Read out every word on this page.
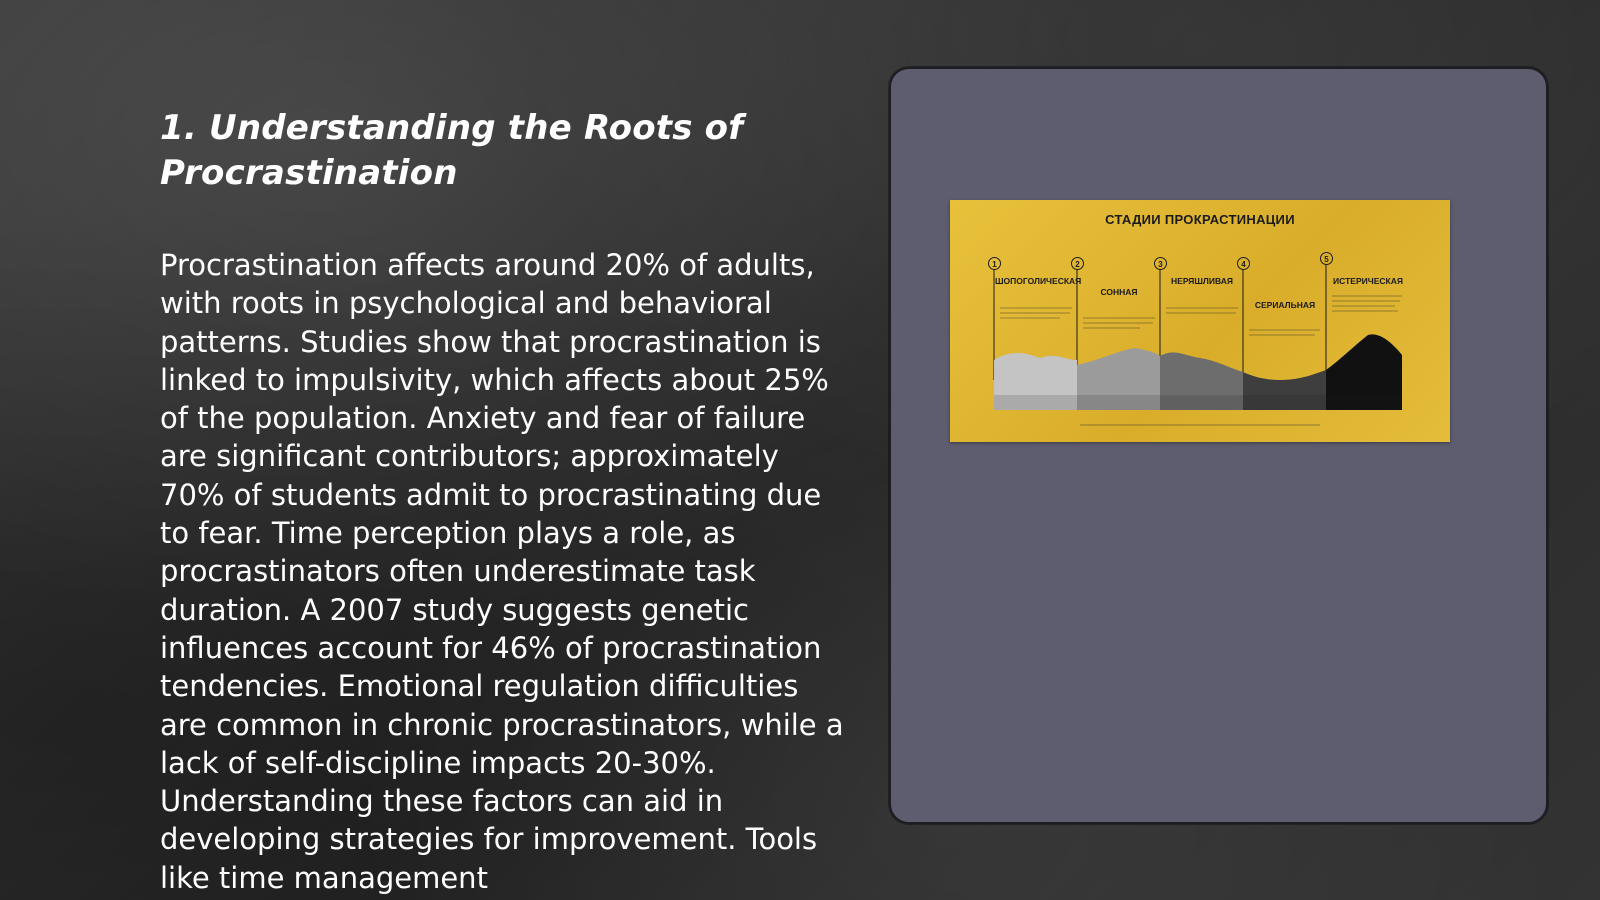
1. Understanding the Roots of Procrastination

Procrastination affects around 20% of adults, with roots in psychological and behavioral patterns. Studies show that procrastination is linked to impulsivity, which affects about 25% of the population. Anxiety and fear of failure are significant contributors; approximately 70% of students admit to procrastinating due to fear. Time perception plays a role, as procrastinators often underestimate task duration. A 2007 study suggests genetic influences account for 46% of procrastination tendencies. Emotional regulation difficulties are common in chronic procrastinators, while a lack of self-discipline impacts 20-30%. Understanding these factors can aid in developing strategies for improvement. Tools like time management

СТАДИИ ПРОКРАСТИНАЦИИ
1	2	3	4
5
ШОПОГОЛИЧЕСКАЯ
СОННАЯ
НЕРЯШЛИВАЯ
СЕРИАЛЬНАЯ
ИСТЕРИЧЕСКАЯ
